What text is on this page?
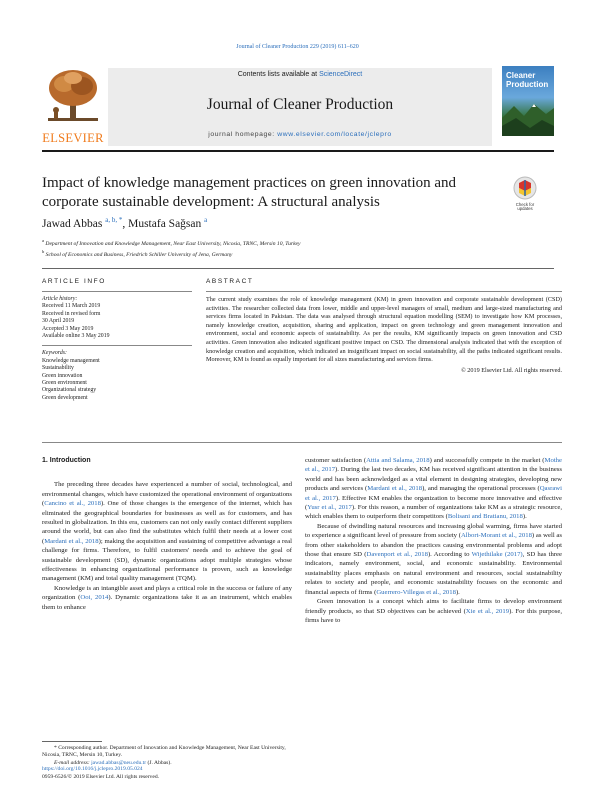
Journal of Cleaner Production 229 (2019) 611–620
ELSEVIER
Contents lists available at ScienceDirect
Journal of Cleaner Production
journal homepage: www.elsevier.com/locate/jclepro
Cleaner
Production
Impact of knowledge management practices on green innovation and corporate sustainable development: A structural analysis	Check for
updates
Jawad Abbas $^{a, b, *}$, Mustafa Sağsan $^a$
$^a$ Department of Innovation and Knowledge Management, Near East University, Nicosia, TRNC, Mersin 10, Turkey
$^b$ School of Economics and Business, Friedrich Schiller University of Jena, Germany
ARTICLE INFO
Article history:
Received 11 March 2019
Received in revised form
30 April 2019
Accepted 3 May 2019
Available online 3 May 2019
Keywords:
Knowledge management
Sustainability
Green innovation
Green environment
Organizational strategy
Green development
ABSTRACT

The current study examines the role of knowledge management (KM) in green innovation and corporate sustainable development (CSD) activities. The researcher collected data from lower, middle and upper-level managers of small, medium and large-sized manufacturing and services firms located in Pakistan. The data was analysed through structural equation modelling (SEM) to investigate how KM processes, namely knowledge creation, acquisition, sharing and application, impact on green technology and green management innovation and environment, social and economic aspects of sustainability. As per the results, KM significantly impacts on green innovation and CSD activities. Green innovation also indicated significant positive impact on CSD. The dimensional analysis indicated that with the exception of knowledge creation and acquisition, which indicated an insignificant impact on social sustainability, all the paths indicated significant results. Moreover, KM is found as equally important for all sizes manufacturing and services firms.

© 2019 Elsevier Ltd. All rights reserved.
1. Introduction

The preceding three decades have experienced a number of social, technological, and environmental changes, which have customized the operational environment of organizations (Cancino et al., 2018). One of those changes is the emergence of the internet, which has eliminated the geographical boundaries for businesses as well as for customers, and has resulted in globalization. In this era, customers can not only easily contact different suppliers around the world, but can also find the substitutes which fulfil their needs at a lower cost (Mardani et al., 2018); making the acquisition and sustaining of competitive advantage a real challenge for firms. Therefore, to fulfil customers' needs and to achieve the goal of sustainable development (SD), dynamic organizations adopt multiple strategies whose effectiveness in enhancing organizational performance is proven, such as knowledge management (KM) and total quality management (TQM).

Knowledge is an intangible asset and plays a critical role in the success or failure of any organization (Ooi, 2014). Dynamic organizations take it as an instrument, which enables them to enhance

customer satisfaction (Attia and Salama, 2018) and successfully compete in the market (Mothe et al., 2017). During the last two decades, KM has received significant attention in the business world and has been acknowledged as a vital element in designing strategies, developing new products and services (Mardani et al., 2018), and managing the operational processes (Qasrawi et al., 2017). Effective KM enables the organization to become more innovative and effective (Yusr et al., 2017). For this reason, a number of organizations take KM as a strategic resource, which enables them to outperform their competitors (Bolisani and Bratianu, 2018).

Because of dwindling natural resources and increasing global warming, firms have started to experience a significant level of pressure from society (Albort-Morant et al., 2018) as well as from other stakeholders to abandon the practices causing environmental problems and adopt those that ensure SD (Davenport et al., 2018). According to Wijethilake (2017), SD has three indicators, namely environment, social, and economic sustainability. Environmental sustainability places emphasis on natural environment and resources, social sustainability relates to society and people, and economic sustainability focuses on the economic and financial aspects of firms (Guerrero-Villegas et al., 2018).

Green innovation is a concept which aims to facilitate firms to develop environment friendly products, so that SD objectives can be achieved (Xie et al., 2019). For this purpose, firms have to

* Corresponding author. Department of Innovation and Knowledge Management, Near East University, Nicosia, TRNC, Mersin 10, Turkey.
E-mail address: jawad.abbas@neu.edu.tr (J. Abbas).
https://doi.org/10.1016/j.jclepro.2019.05.024
0959-6526/© 2019 Elsevier Ltd. All rights reserved.
